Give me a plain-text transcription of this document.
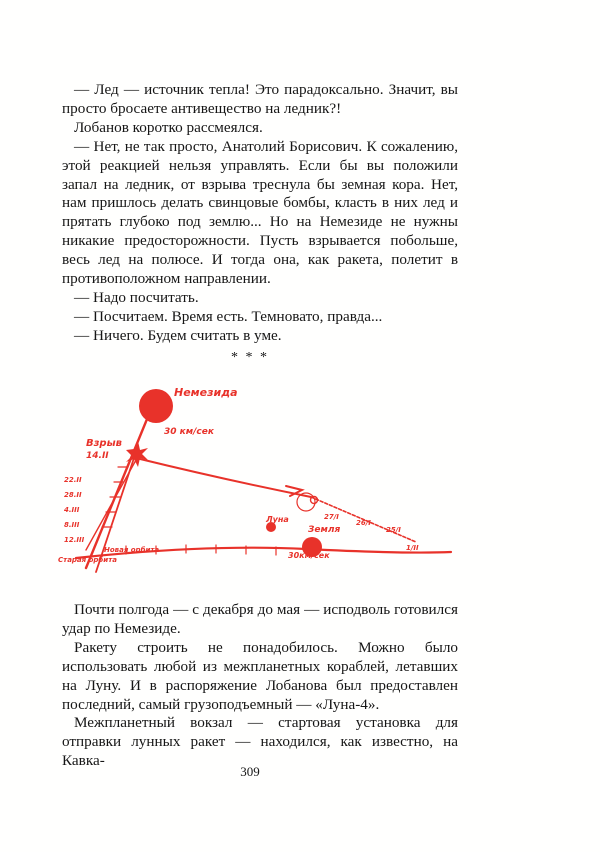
— Лед — источник тепла! Это парадоксально. Значит, вы просто бросаете антивещество на ледник?!

Лобанов коротко рассмеялся.

— Нет, не так просто, Анатолий Борисович. К сожалению, этой реакцией нельзя управлять. Если бы вы положили запал на ледник, от взрыва треснула бы земная кора. Нет, нам пришлось делать свинцовые бомбы, класть в них лед и прятать глубоко под землю... Но на Немезиде не нужны никакие предосторожности. Пусть взрывается побольше, весь лед на полюсе. И тогда она, как ракета, полетит в противоположном направлении.

— Надо посчитать.

— Посчитаем. Время есть. Темновато, правда...

— Ничего. Будем считать в уме.

* * *
Немезида
30 км/сек
Взрыв
14.II
Луна
Земля
30км/сек
Старая орбита
Новая орбита
27/I
26/I
25/I
1/II
22.II
28.II
4.III
8.III
12.III

Почти полгода — с декабря до мая — исподволь готовился удар по Немезиде.

Ракету строить не понадобилось. Можно было использовать любой из межпланетных кораблей, летавших на Луну. И в распоряжение Лобанова был предоставлен последний, самый грузоподъемный — «Луна-4».

Межпланетный вокзал — стартовая установка для отправки лунных ракет — находился, как известно, на Кавка-

309
